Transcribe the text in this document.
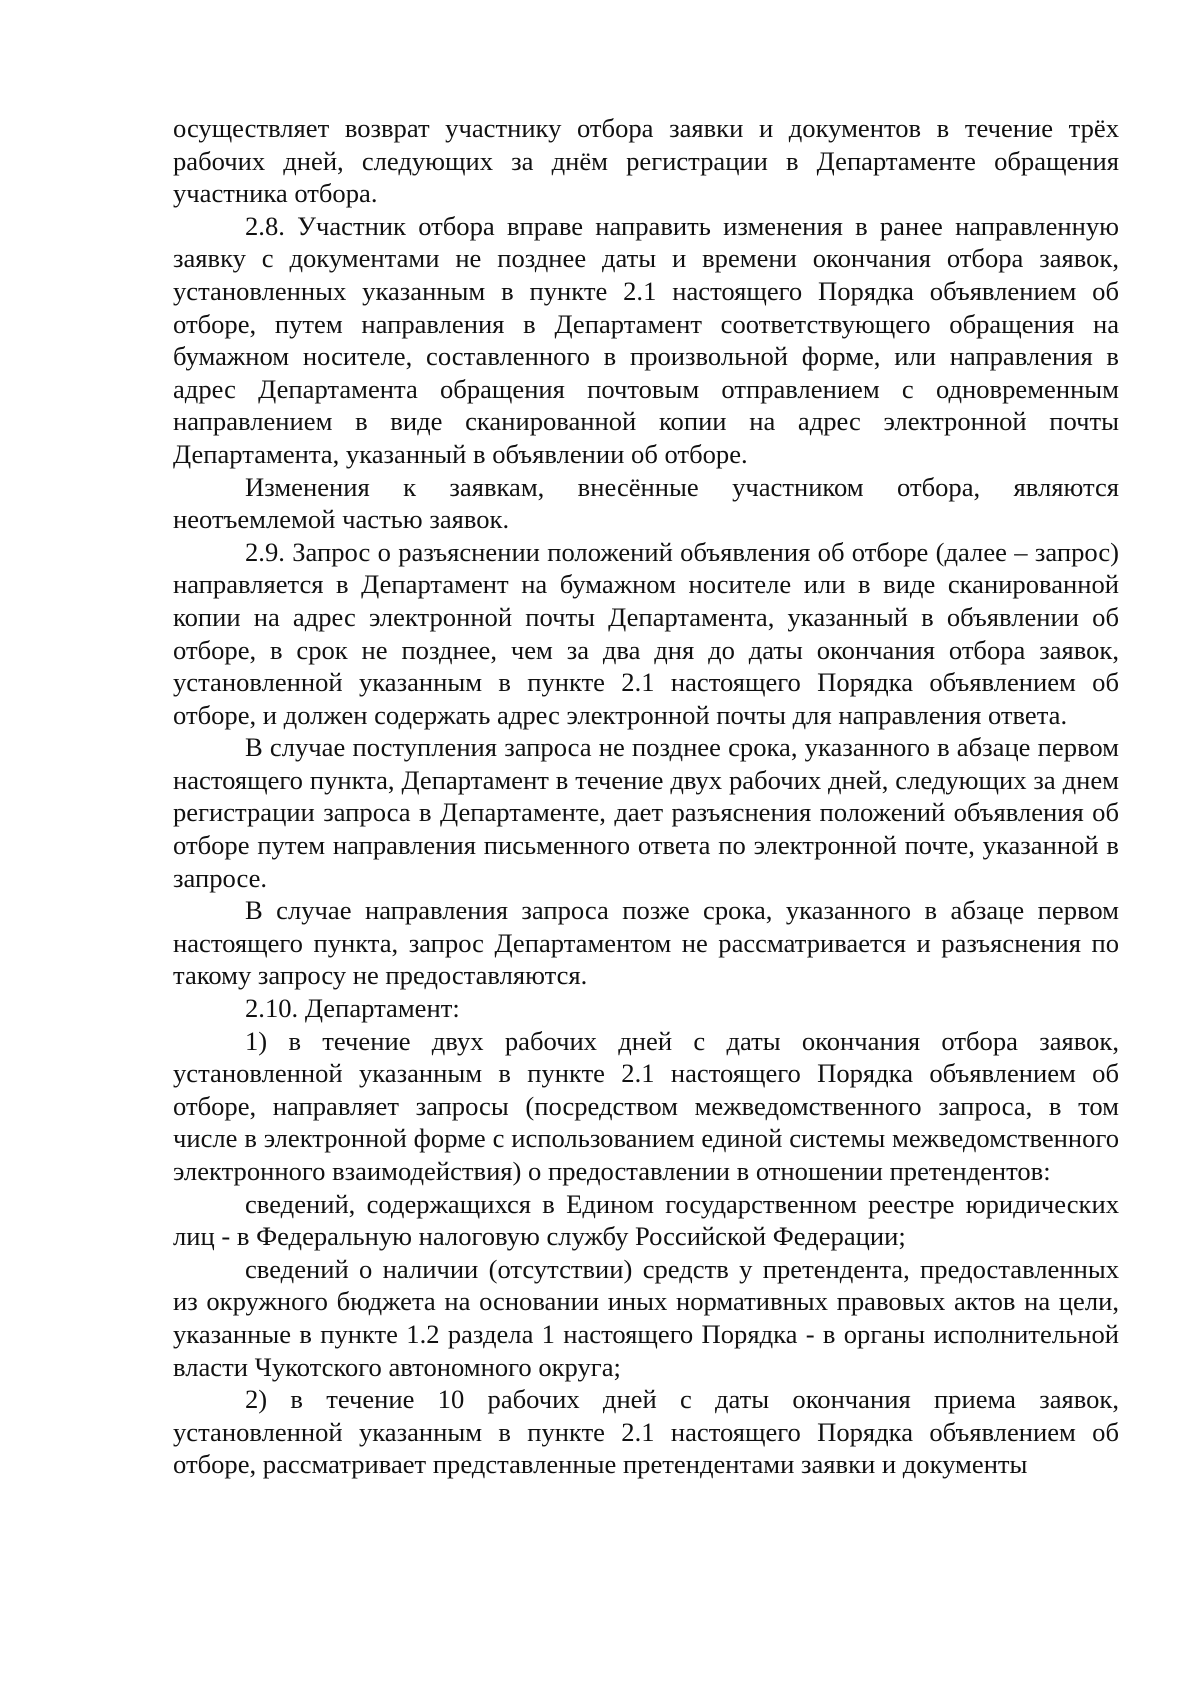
осуществляет возврат участнику отбора заявки и документов в течение трёх рабочих дней, следующих за днём регистрации в Департаменте обращения участника отбора.

2.8. Участник отбора вправе направить изменения в ранее направленную заявку с документами не позднее даты и времени окончания отбора заявок, установленных указанным в пункте 2.1 настоящего Порядка объявлением об отборе, путем направления в Департамент соответствующего обращения на бумажном носителе, составленного в произвольной форме, или направления в адрес Департамента обращения почтовым отправлением с одновременным направлением в виде сканированной копии на адрес электронной почты Департамента, указанный в объявлении об отборе.

Изменения к заявкам, внесённые участником отбора, являются неотъемлемой частью заявок.

2.9. Запрос о разъяснении положений объявления об отборе (далее – запрос) направляется в Департамент на бумажном носителе или в виде сканированной копии на адрес электронной почты Департамента, указанный в объявлении об отборе, в срок не позднее, чем за два дня до даты окончания отбора заявок, установленной указанным в пункте 2.1 настоящего Порядка объявлением об отборе, и должен содержать адрес электронной почты для направления ответа.

В случае поступления запроса не позднее срока, указанного в абзаце первом настоящего пункта, Департамент в течение двух рабочих дней, следующих за днем регистрации запроса в Департаменте, дает разъяснения положений объявления об отборе путем направления письменного ответа по электронной почте, указанной в запросе.

В случае направления запроса позже срока, указанного в абзаце первом настоящего пункта, запрос Департаментом не рассматривается и разъяснения по такому запросу не предоставляются.

2.10. Департамент:

1) в течение двух рабочих дней с даты окончания отбора заявок, установленной указанным в пункте 2.1 настоящего Порядка объявлением об отборе, направляет запросы (посредством межведомственного запроса, в том числе в электронной форме с использованием единой системы межведомственного электронного взаимодействия) о предоставлении в отношении претендентов:

сведений, содержащихся в Едином государственном реестре юридических лиц - в Федеральную налоговую службу Российской Федерации;

сведений о наличии (отсутствии) средств у претендента, предоставленных из окружного бюджета на основании иных нормативных правовых актов на цели, указанные в пункте 1.2 раздела 1 настоящего Порядка - в органы исполнительной власти Чукотского автономного округа;

2) в течение 10 рабочих дней с даты окончания приема заявок, установленной указанным в пункте 2.1 настоящего Порядка объявлением об отборе, рассматривает представленные претендентами заявки и документы
